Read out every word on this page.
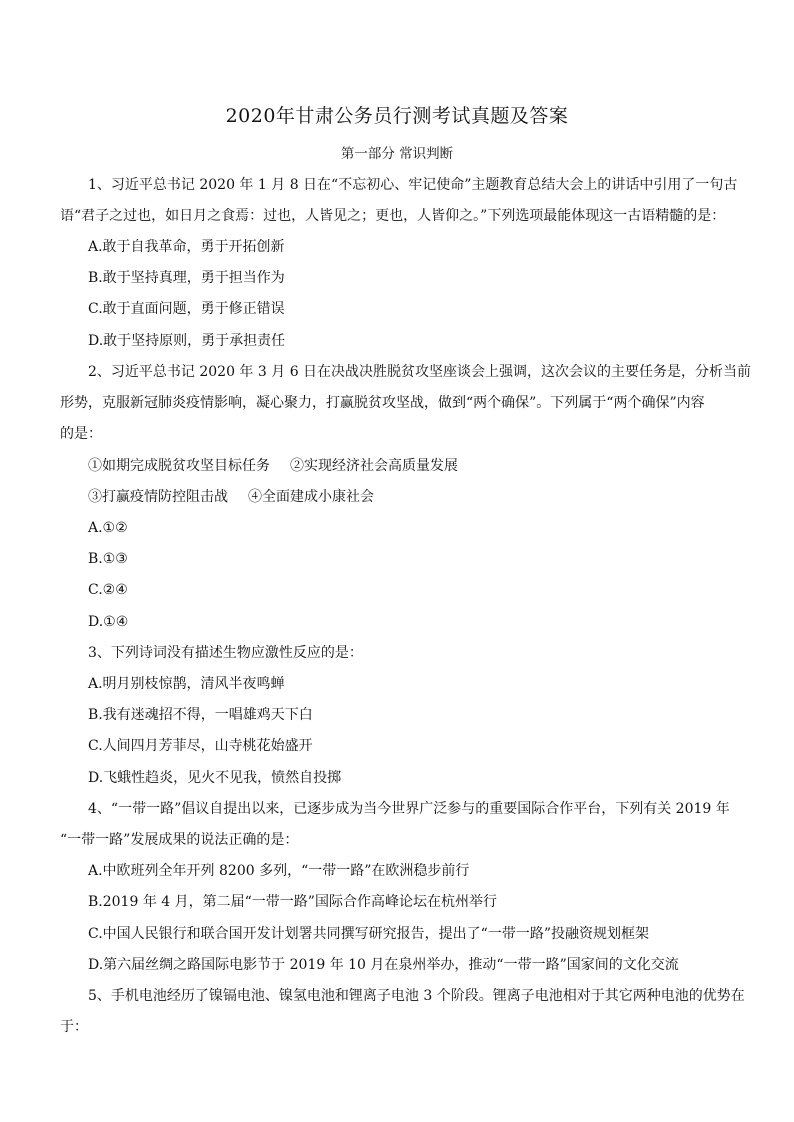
2020年甘肃公务员行测考试真题及答案
第一部分 常识判断
1、习近平总书记 2020 年 1 月 8 日在“不忘初心、牢记使命”主题教育总结大会上的讲话中引用了一句古
语“君子之过也，如日月之食焉：过也，人皆见之；更也，人皆仰之。”下列选项最能体现这一古语精髓的是：
A.敢于自我革命，勇于开拓创新
B.敢于坚持真理，勇于担当作为
C.敢于直面问题，勇于修正错误
D.敢于坚持原则，勇于承担责任
2、习近平总书记 2020 年 3 月 6 日在决战决胜脱贫攻坚座谈会上强调，这次会议的主要任务是，分析当前
形势，克服新冠肺炎疫情影响，凝心聚力，打赢脱贫攻坚战，做到“两个确保”。下列属于“两个确保”内容
的是：
①如期完成脱贫攻坚目标任务 ②实现经济社会高质量发展
③打赢疫情防控阻击战 ④全面建成小康社会
A.①②
B.①③
C.②④
D.①④
3、下列诗词没有描述生物应激性反应的是：
A.明月别枝惊鹊，清风半夜鸣蝉
B.我有迷魂招不得，一唱雄鸡天下白
C.人间四月芳菲尽，山寺桃花始盛开
D.飞蛾性趋炎，见火不见我，愤然自投掷
4、“一带一路”倡议自提出以来，已逐步成为当今世界广泛参与的重要国际合作平台，下列有关 2019 年
“一带一路”发展成果的说法正确的是：
A.中欧班列全年开列 8200 多列，“一带一路”在欧洲稳步前行
B.2019 年 4 月，第二届“一带一路”国际合作高峰论坛在杭州举行
C.中国人民银行和联合国开发计划署共同撰写研究报告，提出了“一带一路”投融资规划框架
D.第六届丝绸之路国际电影节于 2019 年 10 月在泉州举办，推动“一带一路”国家间的文化交流
5、手机电池经历了镍镉电池、镍氢电池和锂离子电池 3 个阶段。锂离子电池相对于其它两种电池的优势在
于：
